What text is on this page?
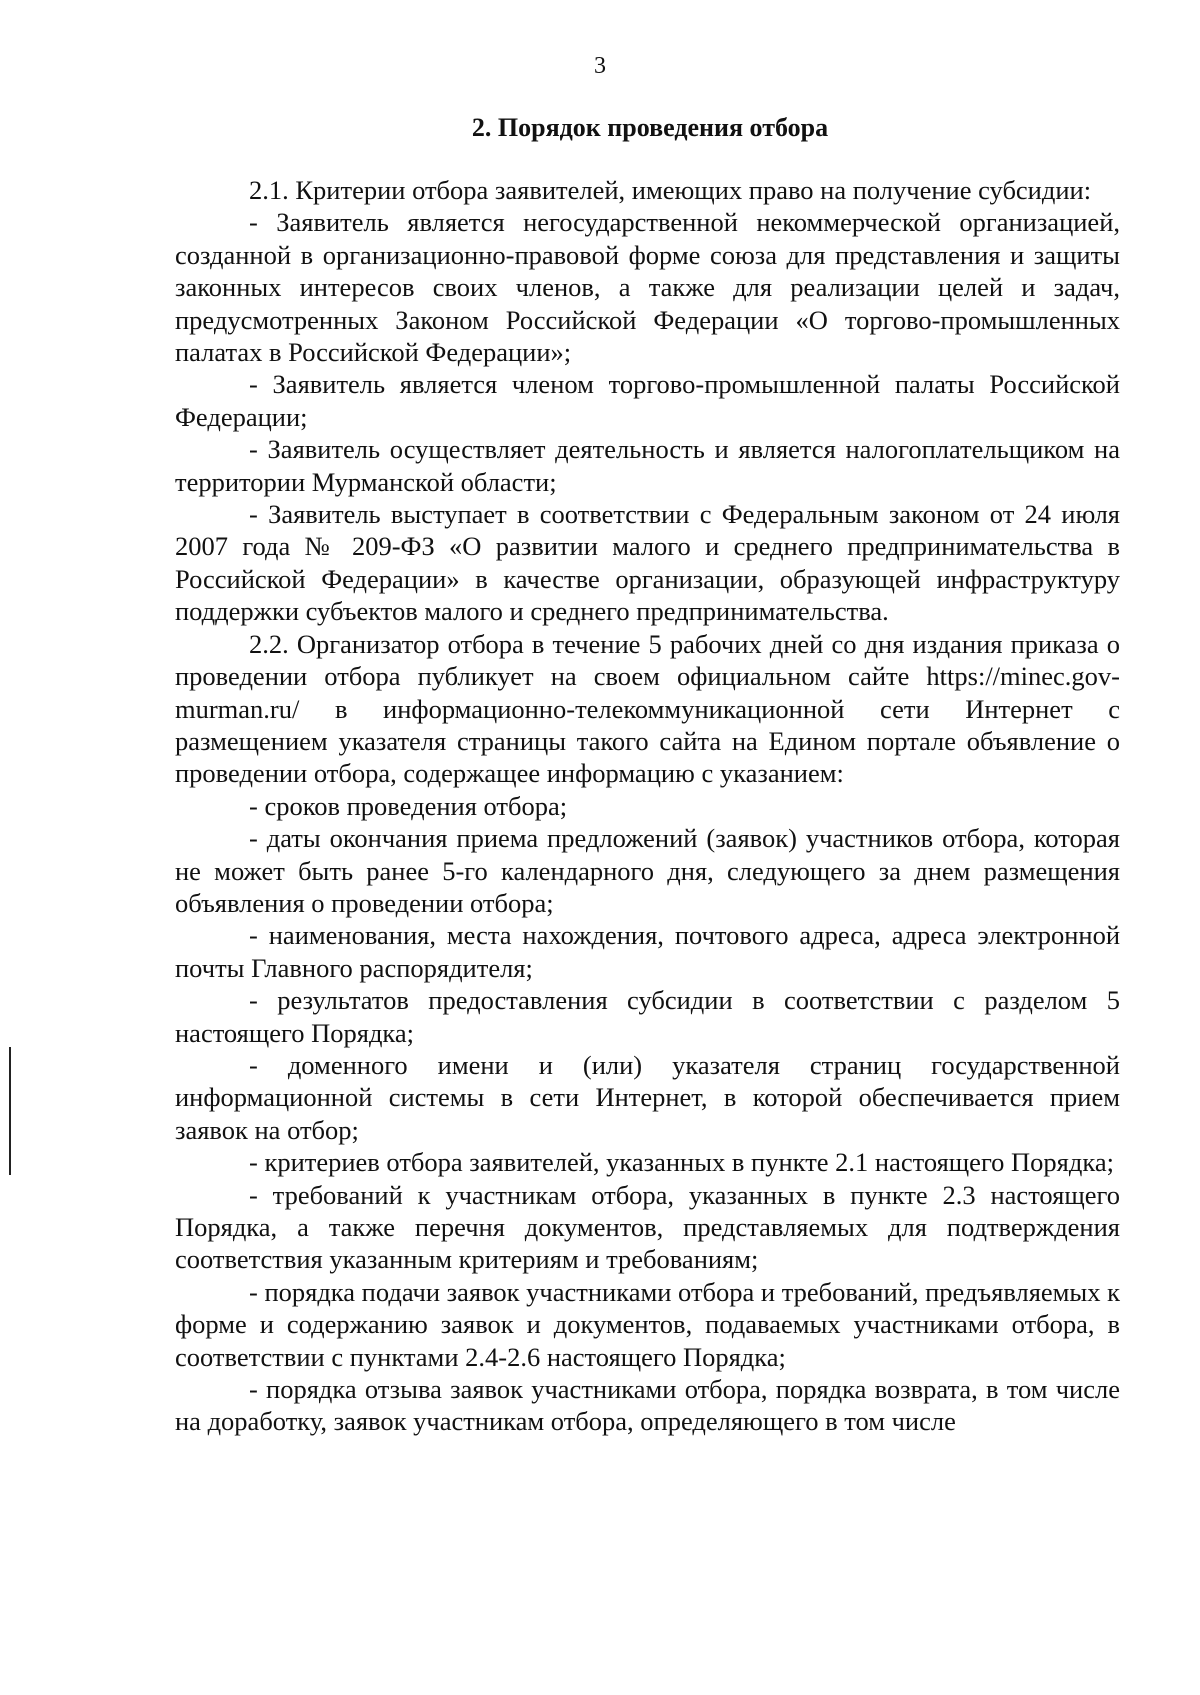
3
2. Порядок проведения отбора

2.1. Критерии отбора заявителей, имеющих право на получение субсидии:

- Заявитель является негосударственной некоммерческой организацией, созданной в организационно-правовой форме союза для представления и защиты законных интересов своих членов, а также для реализации целей и задач, предусмотренных Законом Российской Федерации «О торгово-промышленных палатах в Российской Федерации»;

- Заявитель является членом торгово-промышленной палаты Российской Федерации;

- Заявитель осуществляет деятельность и является налогоплательщиком на территории Мурманской области;

- Заявитель выступает в соответствии с Федеральным законом от 24 июля 2007 года № 209-ФЗ «О развитии малого и среднего предпринимательства в Российской Федерации» в качестве организации, образующей инфраструктуру поддержки субъектов малого и среднего предпринимательства.

2.2. Организатор отбора в течение 5 рабочих дней со дня издания приказа о проведении отбора публикует на своем официальном сайте https://minec.gov-murman.ru/ в информационно-телекоммуникационной сети Интернет с размещением указателя страницы такого сайта на Едином портале объявление о проведении отбора, содержащее информацию с указанием:

- сроков проведения отбора;

- даты окончания приема предложений (заявок) участников отбора, которая не может быть ранее 5-го календарного дня, следующего за днем размещения объявления о проведении отбора;

- наименования, места нахождения, почтового адреса, адреса электронной почты Главного распорядителя;

- результатов предоставления субсидии в соответствии с разделом 5 настоящего Порядка;

- доменного имени и (или) указателя страниц государственной информационной системы в сети Интернет, в которой обеспечивается прием заявок на отбор;

- критериев отбора заявителей, указанных в пункте 2.1 настоящего Порядка;

- требований к участникам отбора, указанных в пункте 2.3 настоящего Порядка, а также перечня документов, представляемых для подтверждения соответствия указанным критериям и требованиям;

- порядка подачи заявок участниками отбора и требований, предъявляемых к форме и содержанию заявок и документов, подаваемых участниками отбора, в соответствии с пунктами 2.4-2.6 настоящего Порядка;

- порядка отзыва заявок участниками отбора, порядка возврата, в том числе на доработку, заявок участникам отбора, определяющего в том числе
